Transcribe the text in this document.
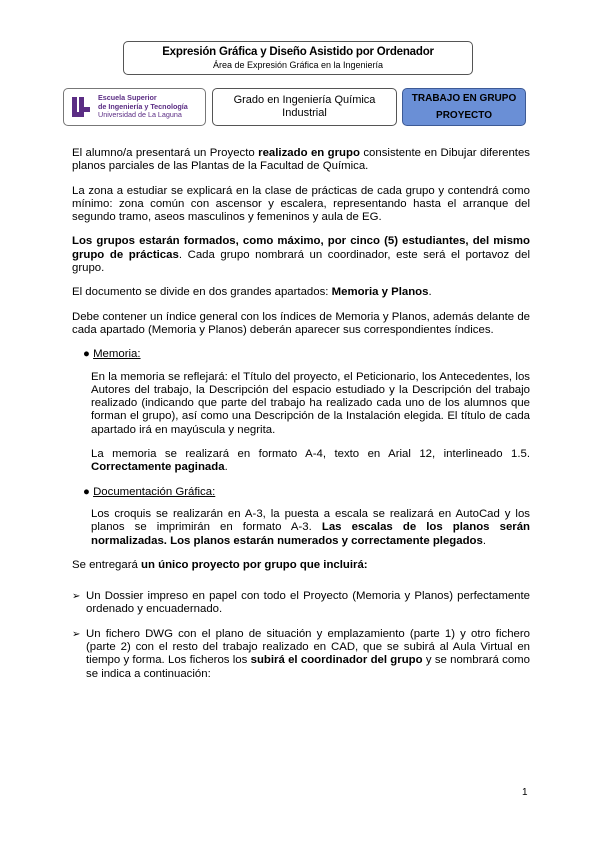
Expresión Gráfica y Diseño Asistido por Ordenador
Área de Expresión Gráfica en la Ingeniería
Escuela Superior
de Ingeniería y Tecnología
Universidad de La Laguna
Grado en Ingeniería Química
Industrial
TRABAJO EN GRUPO
PROYECTO

El alumno/a presentará un Proyecto realizado en grupo consistente en Dibujar diferentes planos parciales de las Plantas de la Facultad de Química.

La zona a estudiar se explicará en la clase de prácticas de cada grupo y contendrá como mínimo: zona común con ascensor y escalera, representando hasta el arranque del segundo tramo, aseos masculinos y femeninos y aula de EG.

Los grupos estarán formados, como máximo, por cinco (5) estudiantes, del mismo grupo de prácticas. Cada grupo nombrará un coordinador, este será el portavoz del grupo.

El documento se divide en dos grandes apartados: Memoria y Planos.

Debe contener un índice general con los índices de Memoria y Planos, además delante de cada apartado (Memoria y Planos) deberán aparecer sus correspondientes índices.

● Memoria:

En la memoria se reflejará: el Título del proyecto, el Peticionario, los Antecedentes, los Autores del trabajo, la Descripción del espacio estudiado y la Descripción del trabajo realizado (indicando que parte del trabajo ha realizado cada uno de los alumnos que forman el grupo), así como una Descripción de la Instalación elegida. El título de cada apartado irá en mayúscula y negrita.

La memoria se realizará en formato A-4, texto en Arial 12, interlineado 1.5. Correctamente paginada.

● Documentación Gráfica:

Los croquis se realizarán en A-3, la puesta a escala se realizará en AutoCad y los planos se imprimirán en formato A-3. Las escalas de los planos serán normalizadas. Los planos estarán numerados y correctamente plegados.

Se entregará un único proyecto por grupo que incluirá:

➢ Un Dossier impreso en papel con todo el Proyecto (Memoria y Planos) perfectamente ordenado y encuadernado.
➢ Un fichero DWG con el plano de situación y emplazamiento (parte 1) y otro fichero (parte 2) con el resto del trabajo realizado en CAD, que se subirá al Aula Virtual en tiempo y forma. Los ficheros los subirá el coordinador del grupo y se nombrará como se indica a continuación:
1
